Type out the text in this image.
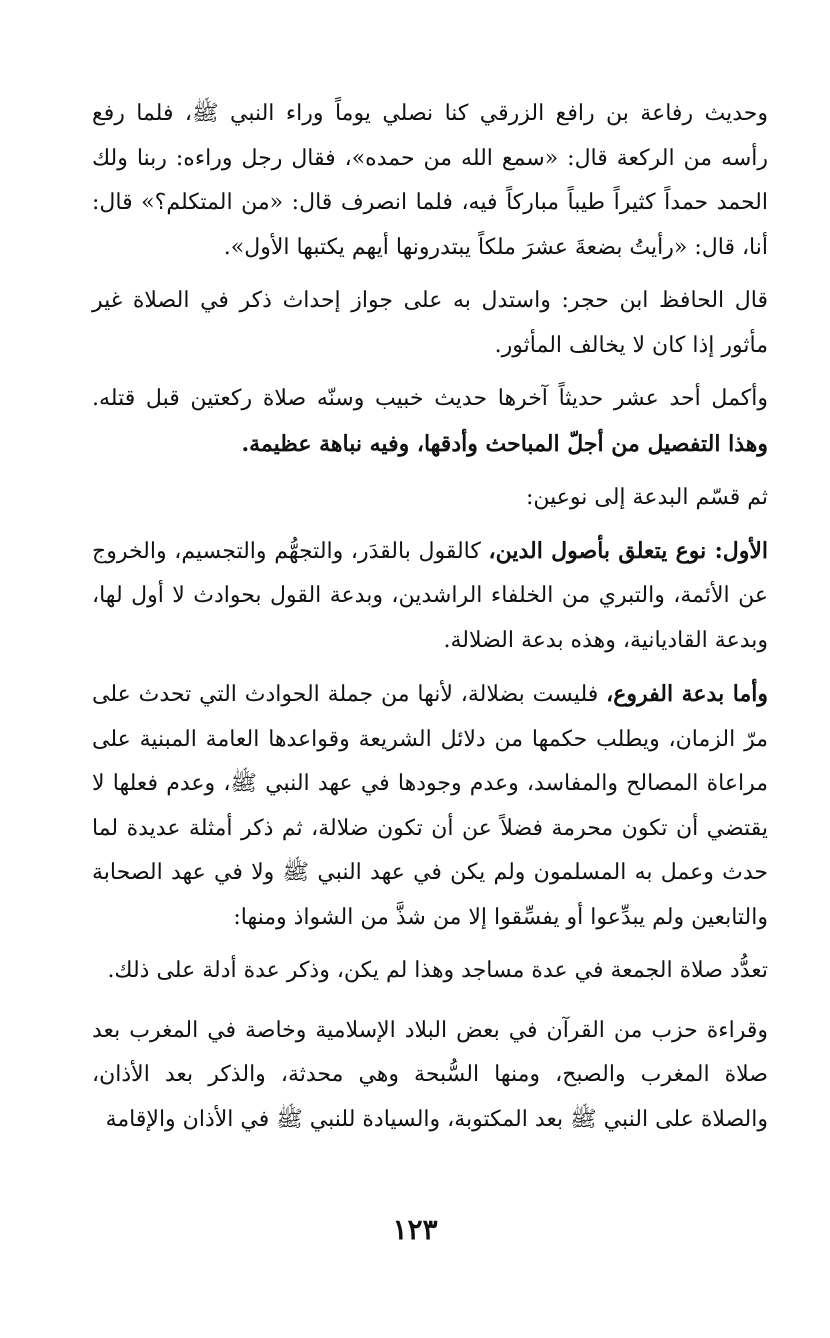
وحديث رفاعة بن رافع الزرقي كنا نصلي يوماً وراء النبي ﷺ، فلما رفع رأسه من الركعة قال: «سمع الله من حمده»، فقال رجل وراءه: ربنا ولك الحمد حمداً كثيراً طيباً مباركاً فيه، فلما انصرف قال: «من المتكلم؟» قال: أنا، قال: «رأيتُ بضعةَ عشرَ ملكاً يبتدرونها أيهم يكتبها الأول».

قال الحافظ ابن حجر: واستدل به على جواز إحداث ذكر في الصلاة غير مأثور إذا كان لا يخالف المأثور.

وأكمل أحد عشر حديثاً آخرها حديث خبيب وسنّه صلاة ركعتين قبل قتله. وهذا التفصيل من أجلّ المباحث وأدقها، وفيه نباهة عظيمة.

ثم قسّم البدعة إلى نوعين:

الأول: نوع يتعلق بأصول الدين، كالقول بالقدَر، والتجهُّم والتجسيم، والخروج عن الأئمة، والتبري من الخلفاء الراشدين، وبدعة القول بحوادث لا أول لها، وبدعة القاديانية، وهذه بدعة الضلالة.

وأما بدعة الفروع، فليست بضلالة، لأنها من جملة الحوادث التي تحدث على مرّ الزمان، ويطلب حكمها من دلائل الشريعة وقواعدها العامة المبنية على مراعاة المصالح والمفاسد، وعدم وجودها في عهد النبي ﷺ، وعدم فعلها لا يقتضي أن تكون محرمة فضلاً عن أن تكون ضلالة، ثم ذكر أمثلة عديدة لما حدث وعمل به المسلمون ولم يكن في عهد النبي ﷺ ولا في عهد الصحابة والتابعين ولم يبدِّعوا أو يفسِّقوا إلا من شذَّ من الشواذ ومنها:

تعدُّد صلاة الجمعة في عدة مساجد وهذا لم يكن، وذكر عدة أدلة على ذلك.

وقراءة حزب من القرآن في بعض البلاد الإسلامية وخاصة في المغرب بعد صلاة المغرب والصبح، ومنها السُّبحة وهي محدثة، والذكر بعد الأذان، والصلاة على النبي ﷺ بعد المكتوبة، والسيادة للنبي ﷺ في الأذان والإقامة

١٢٣
